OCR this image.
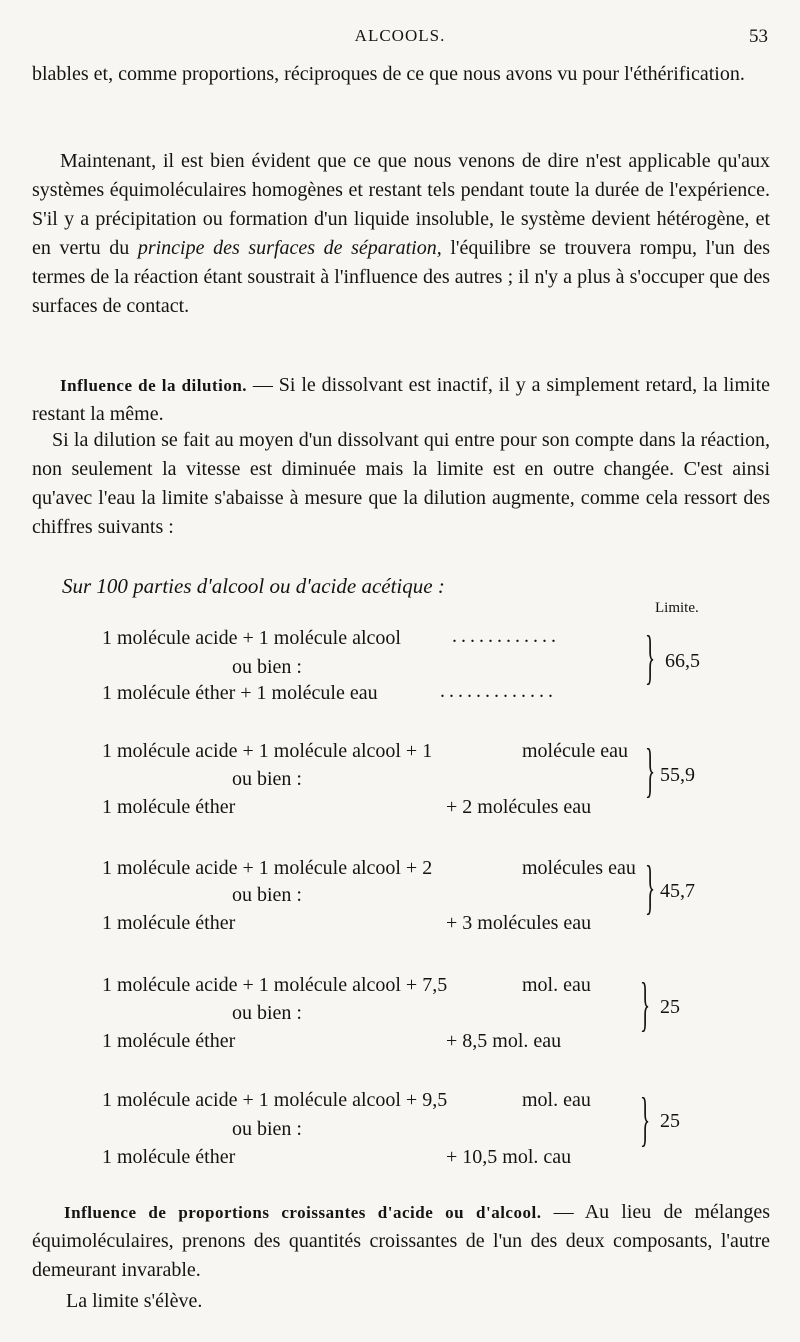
ALCOOLS.	53
blables et, comme proportions, réciproques de ce que nous avons vu pour l'éthérification.
Maintenant, il est bien évident que ce que nous venons de dire n'est applicable qu'aux systèmes équimoléculaires homogènes et restant tels pendant toute la durée de l'expérience. S'il y a précipitation ou formation d'un liquide insoluble, le système devient hétérogène, et en vertu du principe des surfaces de séparation, l'équilibre se trouvera rompu, l'un des termes de la réaction étant soustrait à l'influence des autres ; il n'y a plus à s'occuper que des surfaces de contact.
Influence de la dilution. — Si le dissolvant est inactif, il y a simplement retard, la limite restant la même.
Si la dilution se fait au moyen d'un dissolvant qui entre pour son compte dans la réaction, non seulement la vitesse est diminuée mais la limite est en outre changée. C'est ainsi qu'avec l'eau la limite s'abaisse à mesure que la dilution augmente, comme cela ressort des chiffres suivants :
Sur 100 parties d'alcool ou d'acide acétique :
Limite.
1 molécule acide + 1 molécule alcool	............
ou bien :
1 molécule éther + 1 molécule eau	.............
} 66,5
1 molécule acide + 1 molécule alcool + 1	molécule eau
ou bien :
1 molécule éther	+ 2 molécules eau
} 55,9
1 molécule acide + 1 molécule alcool + 2	molécules eau
ou bien :
1 molécule éther	+ 3 molécules eau
} 45,7
1 molécule acide + 1 molécule alcool + 7,5	mol. eau
ou bien :
1 molécule éther	+ 8,5 mol. eau
} 25
1 molécule acide + 1 molécule alcool + 9,5	mol. eau
ou bien :
1 molécule éther	+ 10,5 mol. cau
} 25
Influence de proportions croissantes d'acide ou d'alcool. — Au lieu de mélanges équimoléculaires, prenons des quantités croissantes de l'un des deux composants, l'autre demeurant invarable.
La limite s'élève.
